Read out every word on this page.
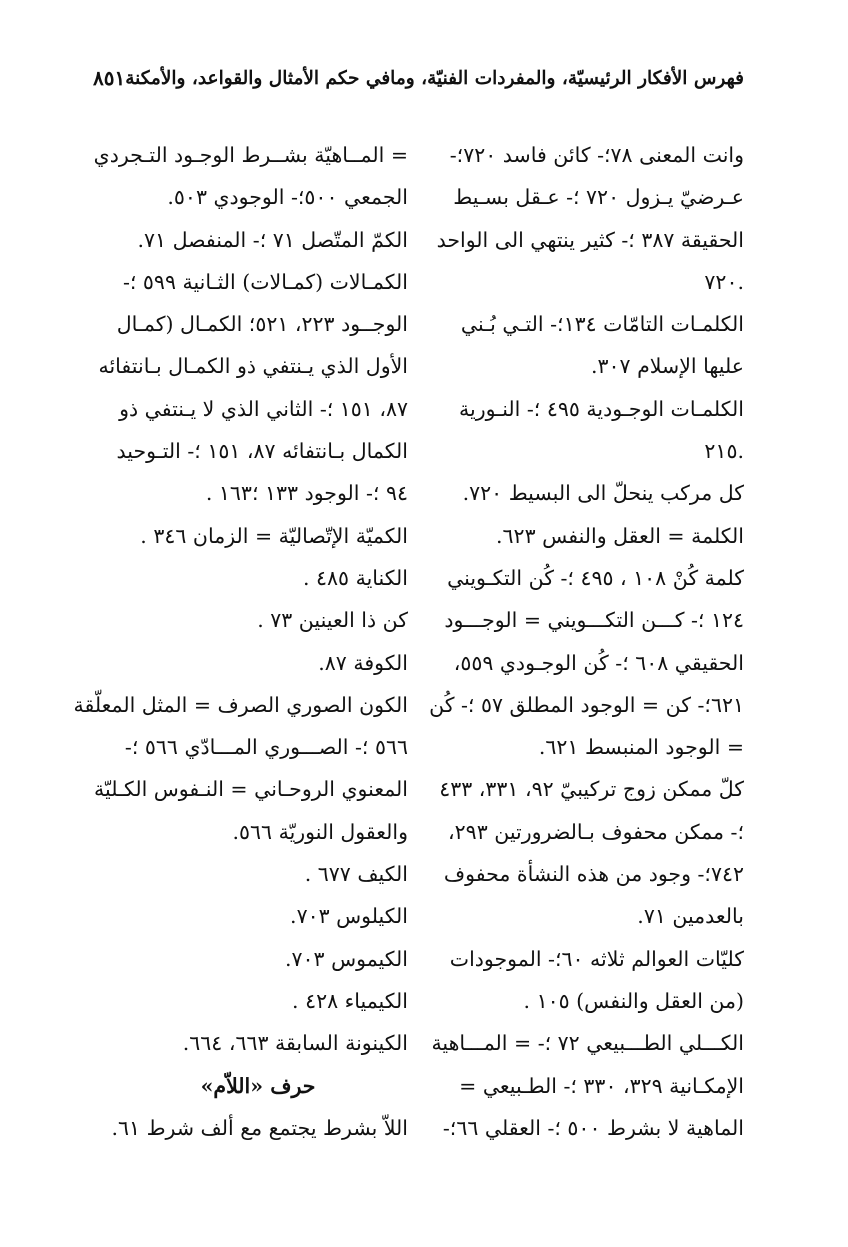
فهرس الأفكار الرئيسيّة، والمفردات الفنيّة، ومافي حكم الأمثال والقواعد، والأمكنة
٨٥١
وانت المعنى ٧٨؛- كائن فاسد ٧٢٠؛-
عـرضيّ يـزول ٧٢٠ ؛- عـقل بسـيط
الحقيقة ٣٨٧ ؛- كثير ينتهي الى الواحد
.٧٢٠
الكلمـات التامّات ١٣٤؛- التـي بُـني
عليها الإسلام ٣٠٧.
الكلمـات الوجـودية ٤٩٥ ؛- النـورية
.٢١٥
كل مركب ينحلّ الى البسيط ٧٢٠.
الكلمة = العقل والنفس ٦٢٣.
كلمة كُنْ ١٠٨ ، ٤٩٥ ؛- كُن التكـويني
١٢٤ ؛- كـــن التكـــويني = الوجـــود
الحقيقي ٦٠٨ ؛- كُن الوجـودي ٥٥٩،
٦٢١؛- كن = الوجود المطلق ٥٧ ؛- كُن
= الوجود المنبسط ٦٢١.
كلّ ممكن زوج تركيبيّ ٩٢، ٣٣١، ٤٣٣
؛- ممكن محفوف بـالضرورتين ٢٩٣،
٧٤٢؛- وجود من هذه النشأة محفوف
بالعدمين ٧١.
كليّات العوالم ثلاثه ٦٠؛- الموجودات
(من العقل والنفس) ١٠٥ .
الكـــلي الطـــبيعي ٧٢ ؛- = المـــاهية
الإمكـانية ٣٢٩، ٣٣٠ ؛- الطـبيعي =
الماهية لا بشرط ٥٠٠ ؛- العقلي ٦٦؛-
= المــاهيّة بشــرط الوجـود التـجردي
الجمعي ٥٠٠؛- الوجودي ٥٠٣.
الكمّ المتّصل ٧١ ؛- المنفصل ٧١.
الكمـالات (كمـالات) الثـانية ٥٩٩ ؛-
الوجــود ٢٢٣، ٥٢١؛ الكمـال (كمـال
الأول الذي يـنتفي ذو الكمـال بـانتفائه
٨٧، ١٥١ ؛- الثاني الذي لا يـنتفي ذو
الكمال بـانتفائه ٨٧، ١٥١ ؛- التـوحيد
٩٤ ؛- الوجود ١٣٣ ؛١٦٣ .
الكميّة الإتّصاليّة = الزمان ٣٤٦ .
الكناية ٤٨٥ .
كن ذا العينين ٧٣ .
الكوفة ٨٧.
الكون الصوري الصرف = المثل المعلّقة
٥٦٦ ؛- الصـــوري المـــادّي ٥٦٦ ؛-
المعنوي الروحـاني = النـفوس الكـليّة
والعقول النوريّة ٥٦٦.
الكيف ٦٧٧ .
الكيلوس ٧٠٣.
الكيموس ٧٠٣.
الكيمياء ٤٢٨ .
الكينونة السابقة ٦٦٣، ٦٦٤.
حرف «اللاّم»
اللاّ بشرط يجتمع مع ألف شرط ٦١.
